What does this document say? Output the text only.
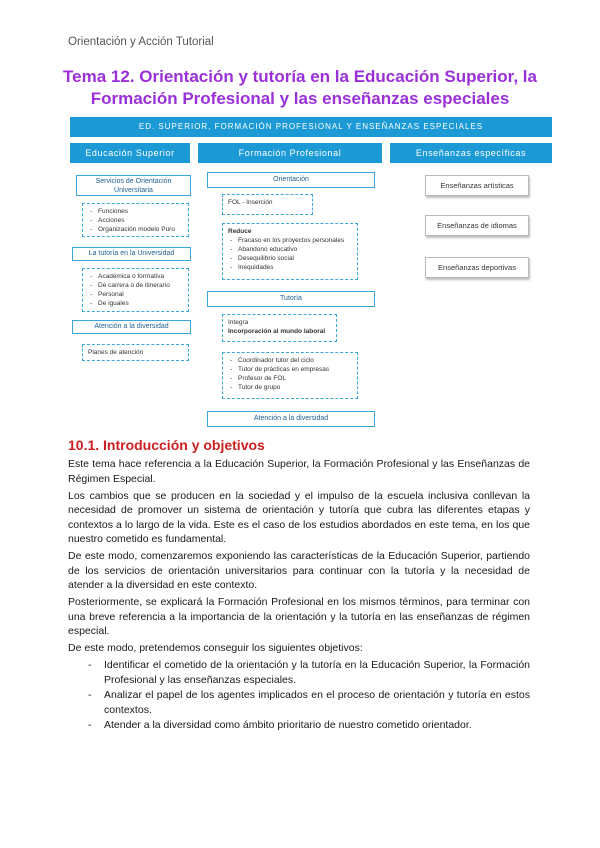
Orientación y Acción Tutorial
Tema 12. Orientación y tutoría en la Educación Superior, la
Formación Profesional y las enseñanzas especiales
ED. SUPERIOR, FORMACIÓN PROFESIONAL Y ENSEÑANZAS ESPECIALES
Educación Superior	Formación Profesional	Enseñanzas específicas
Servicios de Orientación Universitaria
- Funciones
- Acciones
- Organización modelo Puro
La tutoría en la Universidad
- Académica o formativa
- De carrera o de itinerario
- Personal
- De iguales
Atención a la diversidad
Planes de atención
Orientación
FOL - Inserción
Reduce
- Fracaso en los proyectos personales
- Abandono educativo
- Desequilibrio social
- Inequidades
Tutoría
Integra
Incorporación al mundo laboral
- Coordinador tutor del ciclo
- Tutor de prácticas en empresas
- Profesor de FOL
- Tutor de grupo
Atención a la diversidad
Enseñanzas artísticas
Enseñanzas de idiomas
Enseñanzas deportivas
10.1. Introducción y objetivos

Este tema hace referencia a la Educación Superior, la Formación Profesional y las Enseñanzas de Régimen Especial.

Los cambios que se producen en la sociedad y el impulso de la escuela inclusiva conllevan la necesidad de promover un sistema de orientación y tutoría que cubra las diferentes etapas y contextos a lo largo de la vida. Este es el caso de los estudios abordados en este tema, en los que nuestro cometido es fundamental.

De este modo, comenzaremos exponiendo las características de la Educación Superior, partiendo de los servicios de orientación universitarios para continuar con la tutoría y la necesidad de atender a la diversidad en este contexto.

Posteriormente, se explicará la Formación Profesional en los mismos términos, para terminar con una breve referencia a la importancia de la orientación y la tutoría en las enseñanzas de régimen especial.

De este modo, pretendemos conseguir los siguientes objetivos:

- Identificar el cometido de la orientación y la tutoría en la Educación Superior, la Formación Profesional y las enseñanzas especiales.
- Analizar el papel de los agentes implicados en el proceso de orientación y tutoría en estos contextos.
- Atender a la diversidad como ámbito prioritario de nuestro cometido orientador.
